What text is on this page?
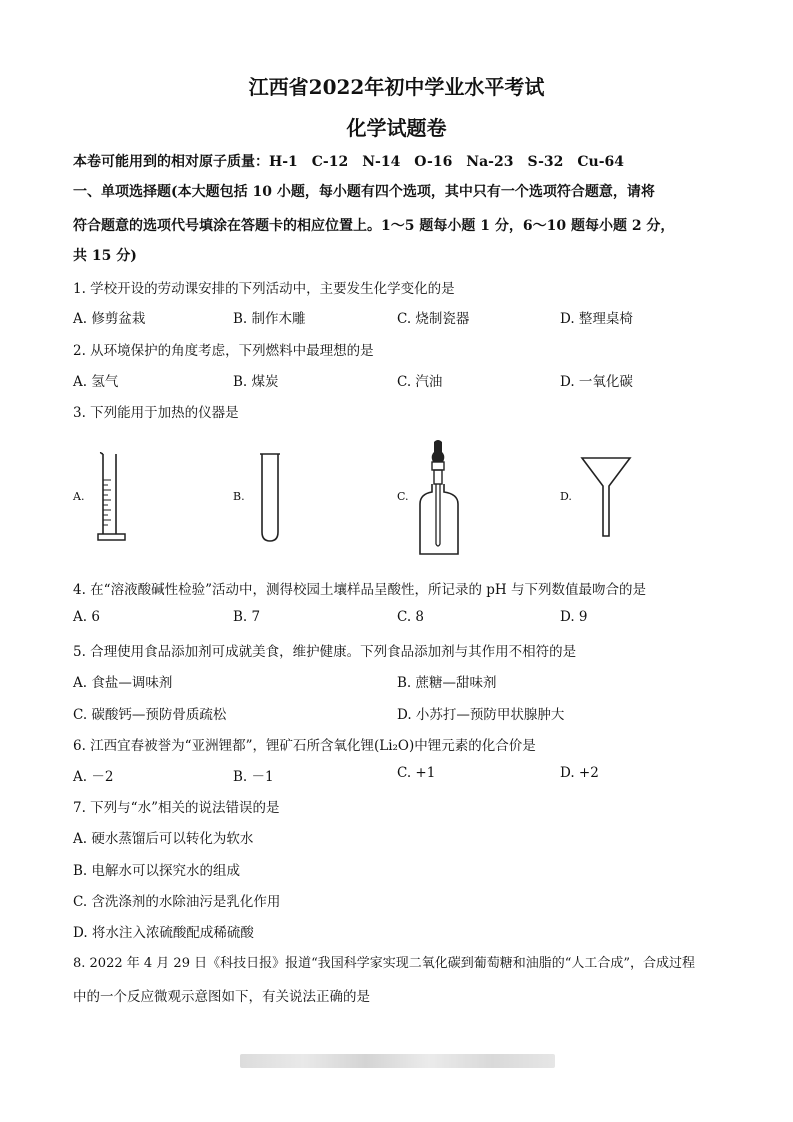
江西省2022年初中学业水平考试
化学试题卷
本卷可能用到的相对原子质量：H-1　C-12　N-14　O-16　Na-23　S-32　Cu-64
一、单项选择题(本大题包括 10 小题，每小题有四个选项，其中只有一个选项符合题意，请将
符合题意的选项代号填涂在答题卡的相应位置上。1～5 题每小题 1 分，6～10 题每小题 2 分，
共 15 分)
1. 学校开设的劳动课安排的下列活动中，主要发生化学变化的是
A. 修剪盆栽	B. 制作木雕	C. 烧制瓷器	D. 整理桌椅
2. 从环境保护的角度考虑，下列燃料中最理想的是
A. 氢气	B. 煤炭	C. 汽油	D. 一氧化碳
3. 下列能用于加热的仪器是
A.	B.	C.	D.
4. 在“溶液酸碱性检验”活动中，测得校园土壤样品呈酸性，所记录的 pH 与下列数值最吻合的是
A. 6	B. 7	C. 8	D. 9
5. 合理使用食品添加剂可成就美食，维护健康。下列食品添加剂与其作用不相符的是
A. 食盐—调味剂	B. 蔗糖—甜味剂
C. 碳酸钙—预防骨质疏松	D. 小苏打—预防甲状腺肿大
6. 江西宜春被誉为“亚洲锂都”，锂矿石所含氧化锂(Li₂O)中锂元素的化合价是
A. －2	B. －1	C. +1	D. +2
7. 下列与“水”相关的说法错误的是
A. 硬水蒸馏后可以转化为软水
B. 电解水可以探究水的组成
C. 含洗涤剂的水除油污是乳化作用
D. 将水注入浓硫酸配成稀硫酸
8. 2022 年 4 月 29 日《科技日报》报道“我国科学家实现二氧化碳到葡萄糖和油脂的“人工合成”，合成过程
中的一个反应微观示意图如下，有关说法正确的是
